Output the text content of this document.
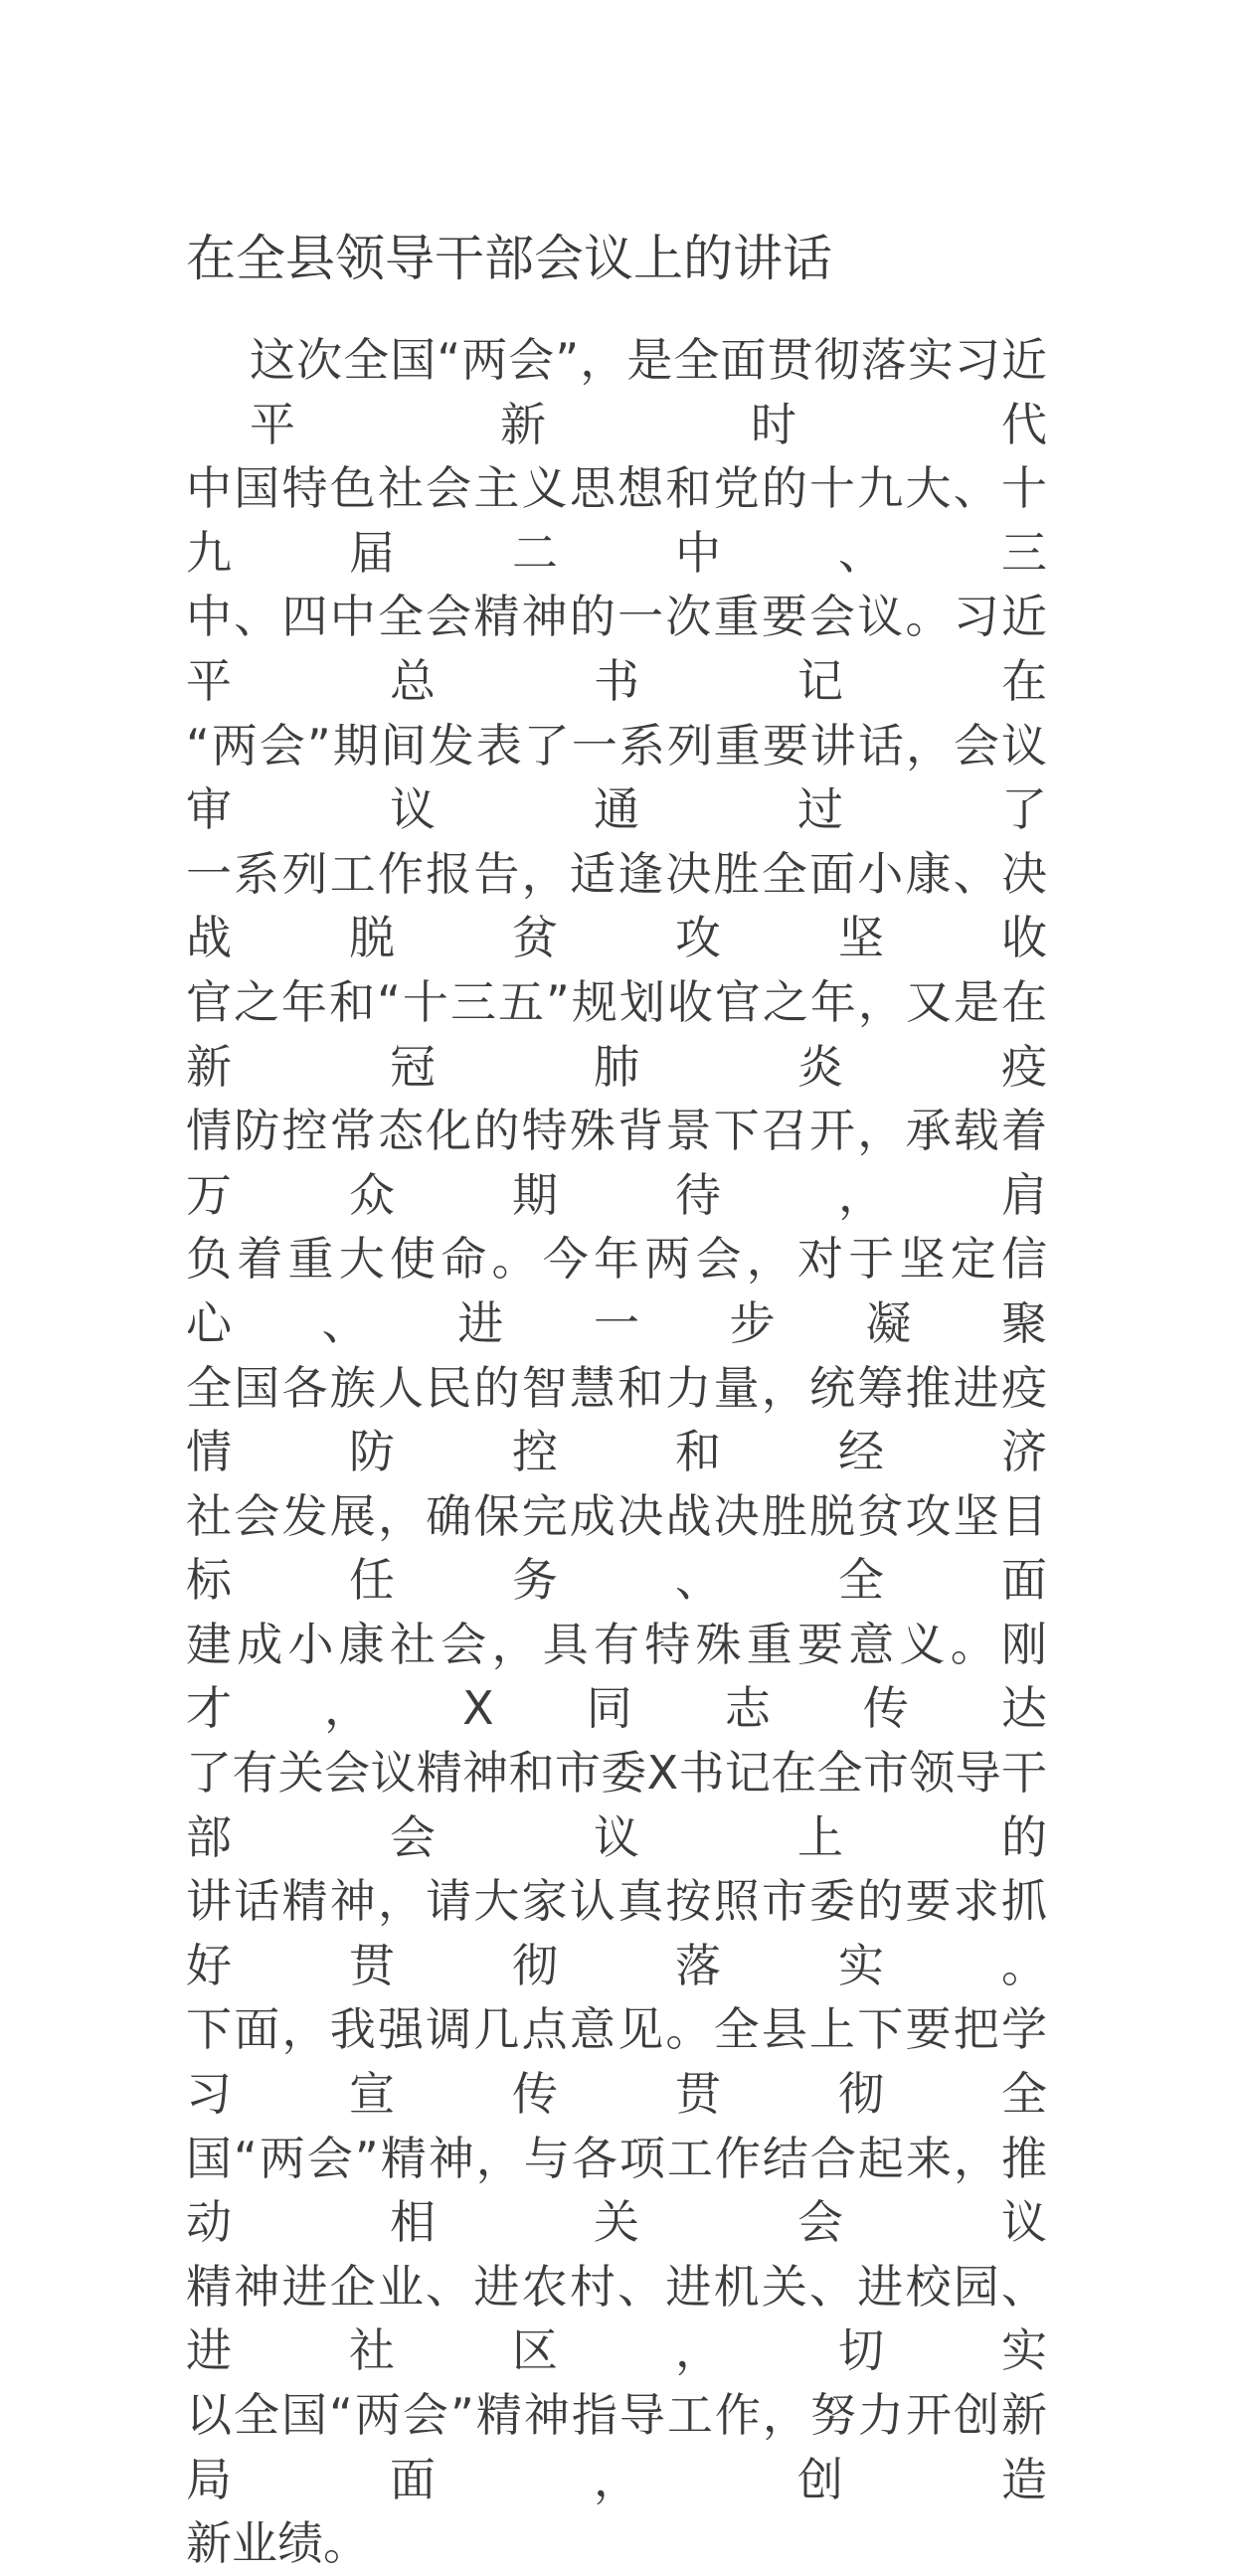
在全县领导干部会议上的讲话
这次全国“两会”，是全面贯彻落实习近平新时代
中国特色社会主义思想和党的十九大、十九届二中、三
中、四中全会精神的一次重要会议。习近平总书记在
“两会”期间发表了一系列重要讲话，会议审议通过了
一系列工作报告，适逢决胜全面小康、决战脱贫攻坚收
官之年和“十三五”规划收官之年，又是在新冠肺炎疫
情防控常态化的特殊背景下召开，承载着万众期待，肩
负着重大使命。今年两会，对于坚定信心、进一步凝聚
全国各族人民的智慧和力量，统筹推进疫情防控和经济
社会发展，确保完成决战决胜脱贫攻坚目标任务、全面
建成小康社会，具有特殊重要意义。刚才，X同志传达
了有关会议精神和市委X书记在全市领导干部会议上的
讲话精神，请大家认真按照市委的要求抓好贯彻落实。
下面，我强调几点意见。全县上下要把学习宣传贯彻全
国“两会”精神，与各项工作结合起来，推动相关会议
精神进企业、进农村、进机关、进校园、进社区，切实
以全国“两会”精神指导工作，努力开创新局面，创造
新业绩。
